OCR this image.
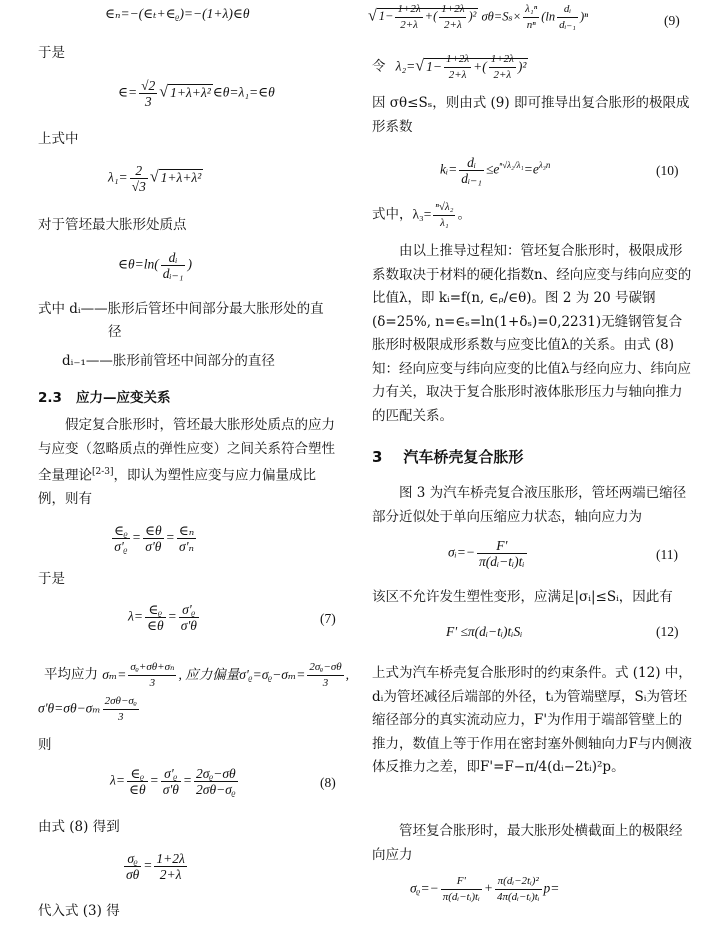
∈ₙ=−(∈ₜ+∈ᵨ)=−(1+λ)∈θ
于是
∈= $\frac{√2}{3}$ √ 1+λ+λ² ∈θ=λ₁=∈θ
上式中
$\lambda_1= \frac{2}{√3}$ √ 1+λ+λ²
对于管坯最大胀形处质点
∈θ=ln( $\frac{\text{dᵢ}}{\text{dᵢ₋₁}}$ )
式中 dᵢ——胀形后管坯中间部分最大胀形处的直
径
dᵢ₋₁——胀形前管坯中间部分的直径
2.3 应力—应变关系
假定复合胀形时，管坯最大胀形处质点的应力与应变（忽略质点的弹性应变）之间关系符合塑性全量理论[2-3]，即认为塑性应变与应力偏量成比例，则有
$\frac{\text{∈ᵨ}}{\text{σ'ᵨ}} = \frac{\in\theta}{\sigma'\theta} = \frac{\text{∈ₙ}}{\text{σ'ₙ}}$
于是
$\lambda= \frac{\text{∈ᵨ}}{\in\theta} = \frac{\text{σ'ᵨ}}{\sigma'\theta}$	(7)
平均应力 $\sigma_m= \frac{\text{σᵨ+σθ+σₙ}}{3}$ , 应力偏量σ'ᵨ=σᵨ−σₘ= $\frac{\text{2σᵨ−σθ}}{3}$ ,
$\sigma'\theta=\sigma\theta-\sigma_m \frac{\text{2σθ−σᵨ}}{3}$
则
$\lambda= \frac{\text{∈ᵨ}}{\in\theta} = \frac{\text{σ'ᵨ}}{\sigma'\theta} = \frac{\text{2σᵨ−σθ}}{\text{2σθ−σᵨ}}$	(8)
由式 (8) 得到
$\frac{\text{σᵨ}}{\sigma\theta} = \frac{1+2\lambda}{2+\lambda}$
代入式 (3) 得
√ $1- \frac{1+2\lambda}{2+\lambda}$ +( $\frac{1+2\lambda}{2+\lambda} )^2$ $\sigma\theta=S_s\times \frac{\text{λ₁ⁿ}}{\text{nⁿ}} (\ln \frac{\text{dᵢ}}{\text{dᵢ₋₁}} )^n$	(9)
令 λ₂=√ $1- \frac{1+2\lambda}{2+\lambda}$ +( $\frac{1+2\lambda}{2+\lambda} )^2$
因 σθ≤Sₛ，则由式 (9) 即可推导出复合胀形的极限成形系数
kᵢ= $\frac{\text{dᵢ}}{\text{dᵢ₋₁}} \le e^{^n√\lambda_2/\lambda_1}=e^{\lambda_3n}$	(10)
式中，$\lambda_3= \frac{\text{ⁿ√λ₂}}{\text{λ₁}}$ 。
由以上推导过程知：管坯复合胀形时，极限成形系数取决于材料的硬化指数n、经向应变与纬向应变的比值λ，即 kᵢ=f(n, ∈ᵨ/∈θ)。图 2 为 20 号碳钢(δ=25%, n=∈ₛ=ln(1+δₛ)=0,2231)无缝钢管复合胀形时极限成形系数与应变比值λ的关系。由式 (8) 知：经向应变与纬向应变的比值λ与经向应力、纬向应力有关，取决于复合胀形时液体胀形压力与轴向推力的匹配关系。
3 汽车桥壳复合胀形
图 3 为汽车桥壳复合液压胀形，管坯两端已缩径部分近似处于单向压缩应力状态，轴向应力为
σᵢ=− $\frac{F'}{\text{π(dᵢ−tᵢ)tᵢ}}$	(11)
该区不允许发生塑性变形，应满足|σᵢ|≤Sᵢ，因此有
F' ≤π(dᵢ−tᵢ)tᵢSᵢ	(12)
上式为汽车桥壳复合胀形时的约束条件。式 (12) 中，dᵢ为管坯减径后端部的外径，tᵢ为管端壁厚，Sᵢ为管坯缩径部分的真实流动应力，F'为作用于端部管壁上的推力，数值上等于作用在密封塞外侧轴向力F与内侧液体反推力之差，即F'=F−π/4(dᵢ−2tᵢ)²p。
管坯复合胀形时，最大胀形处横截面上的极限经向应力
σᵨ=− $\frac{F'}{\text{π(dᵢ−tᵢ)tᵢ}} + \frac{\text{π(dᵢ−2tᵢ)²}}{\text{4π(dᵢ−tᵢ)tᵢ}} p=$
